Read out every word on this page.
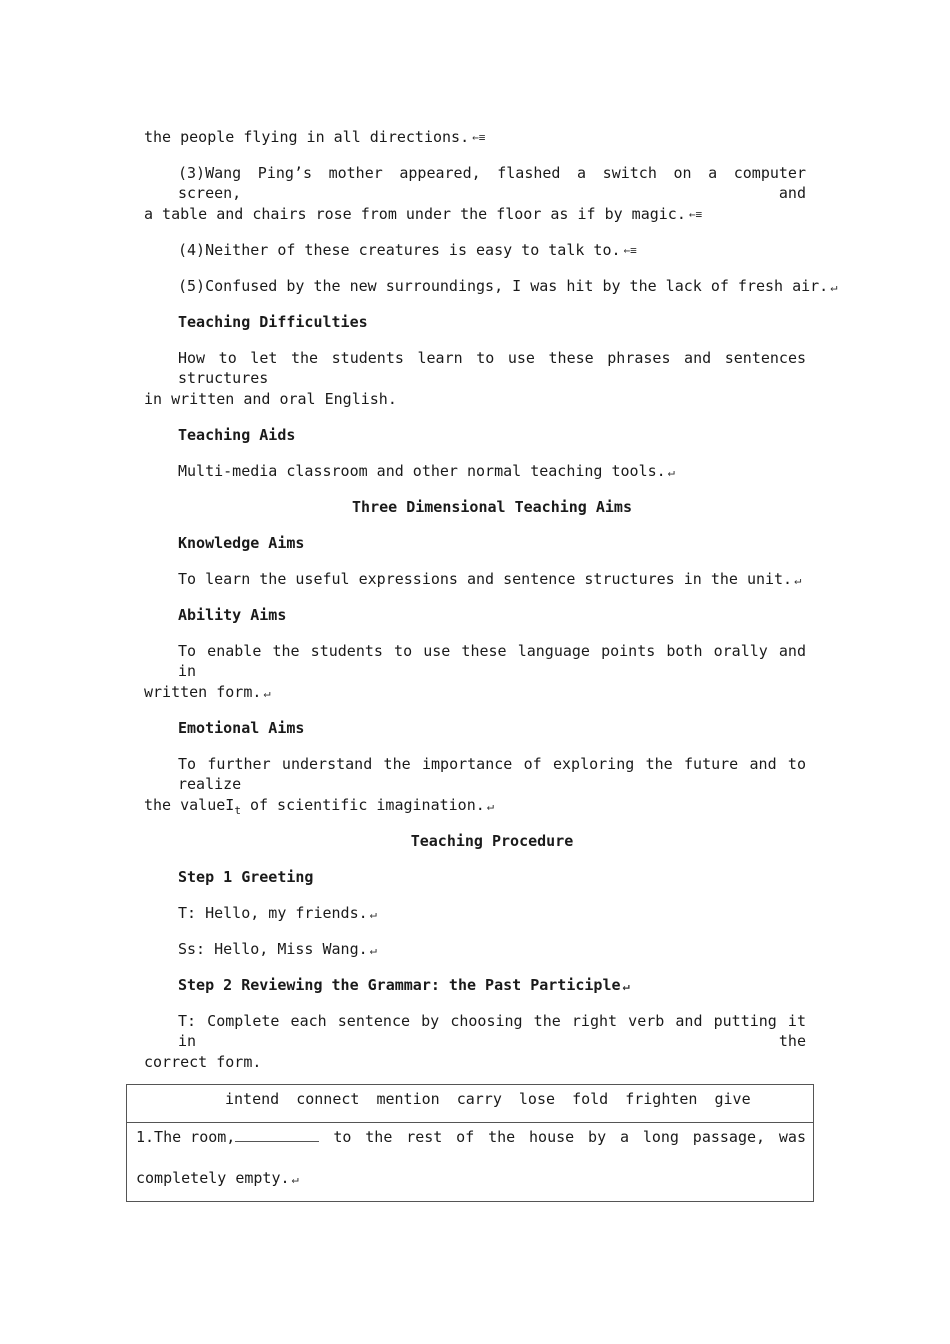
the people flying in all directions. ←≡
(3)Wang Ping’s mother appeared, flashed a switch on a computer screen, and
a table and chairs rose from under the floor as if by magic. ←≡
(4)Neither of these creatures is easy to talk to. ←≡
(5)Confused by the new surroundings, I was hit by the lack of fresh air. ↵
Teaching Difficulties
How to let the students learn to use these phrases and sentences structures
in written and oral English.
Teaching Aids
Multi-media classroom and other normal teaching tools. ↵
Three Dimensional Teaching Aims
Knowledge Aims
To learn the useful expressions and sentence structures in the unit. ↵
Ability Aims
To enable the students to use these language points both orally and in
written form. ↵
Emotional Aims
To further understand the importance of exploring the future and to realize
the valueI$_t$ of scientific imagination. ↵
Teaching Procedure
Step 1 Greeting
T: Hello, my friends. ↵
Ss: Hello, Miss Wang. ↵
Step 2 Reviewing the Grammar: the Past Participle ↵
T: Complete each sentence by choosing the right verb and putting it in the
correct form.
intend connect mention carry lose fold frighten give
1.The room,	to the rest of the house by a long passage, was
completely empty. ↵
